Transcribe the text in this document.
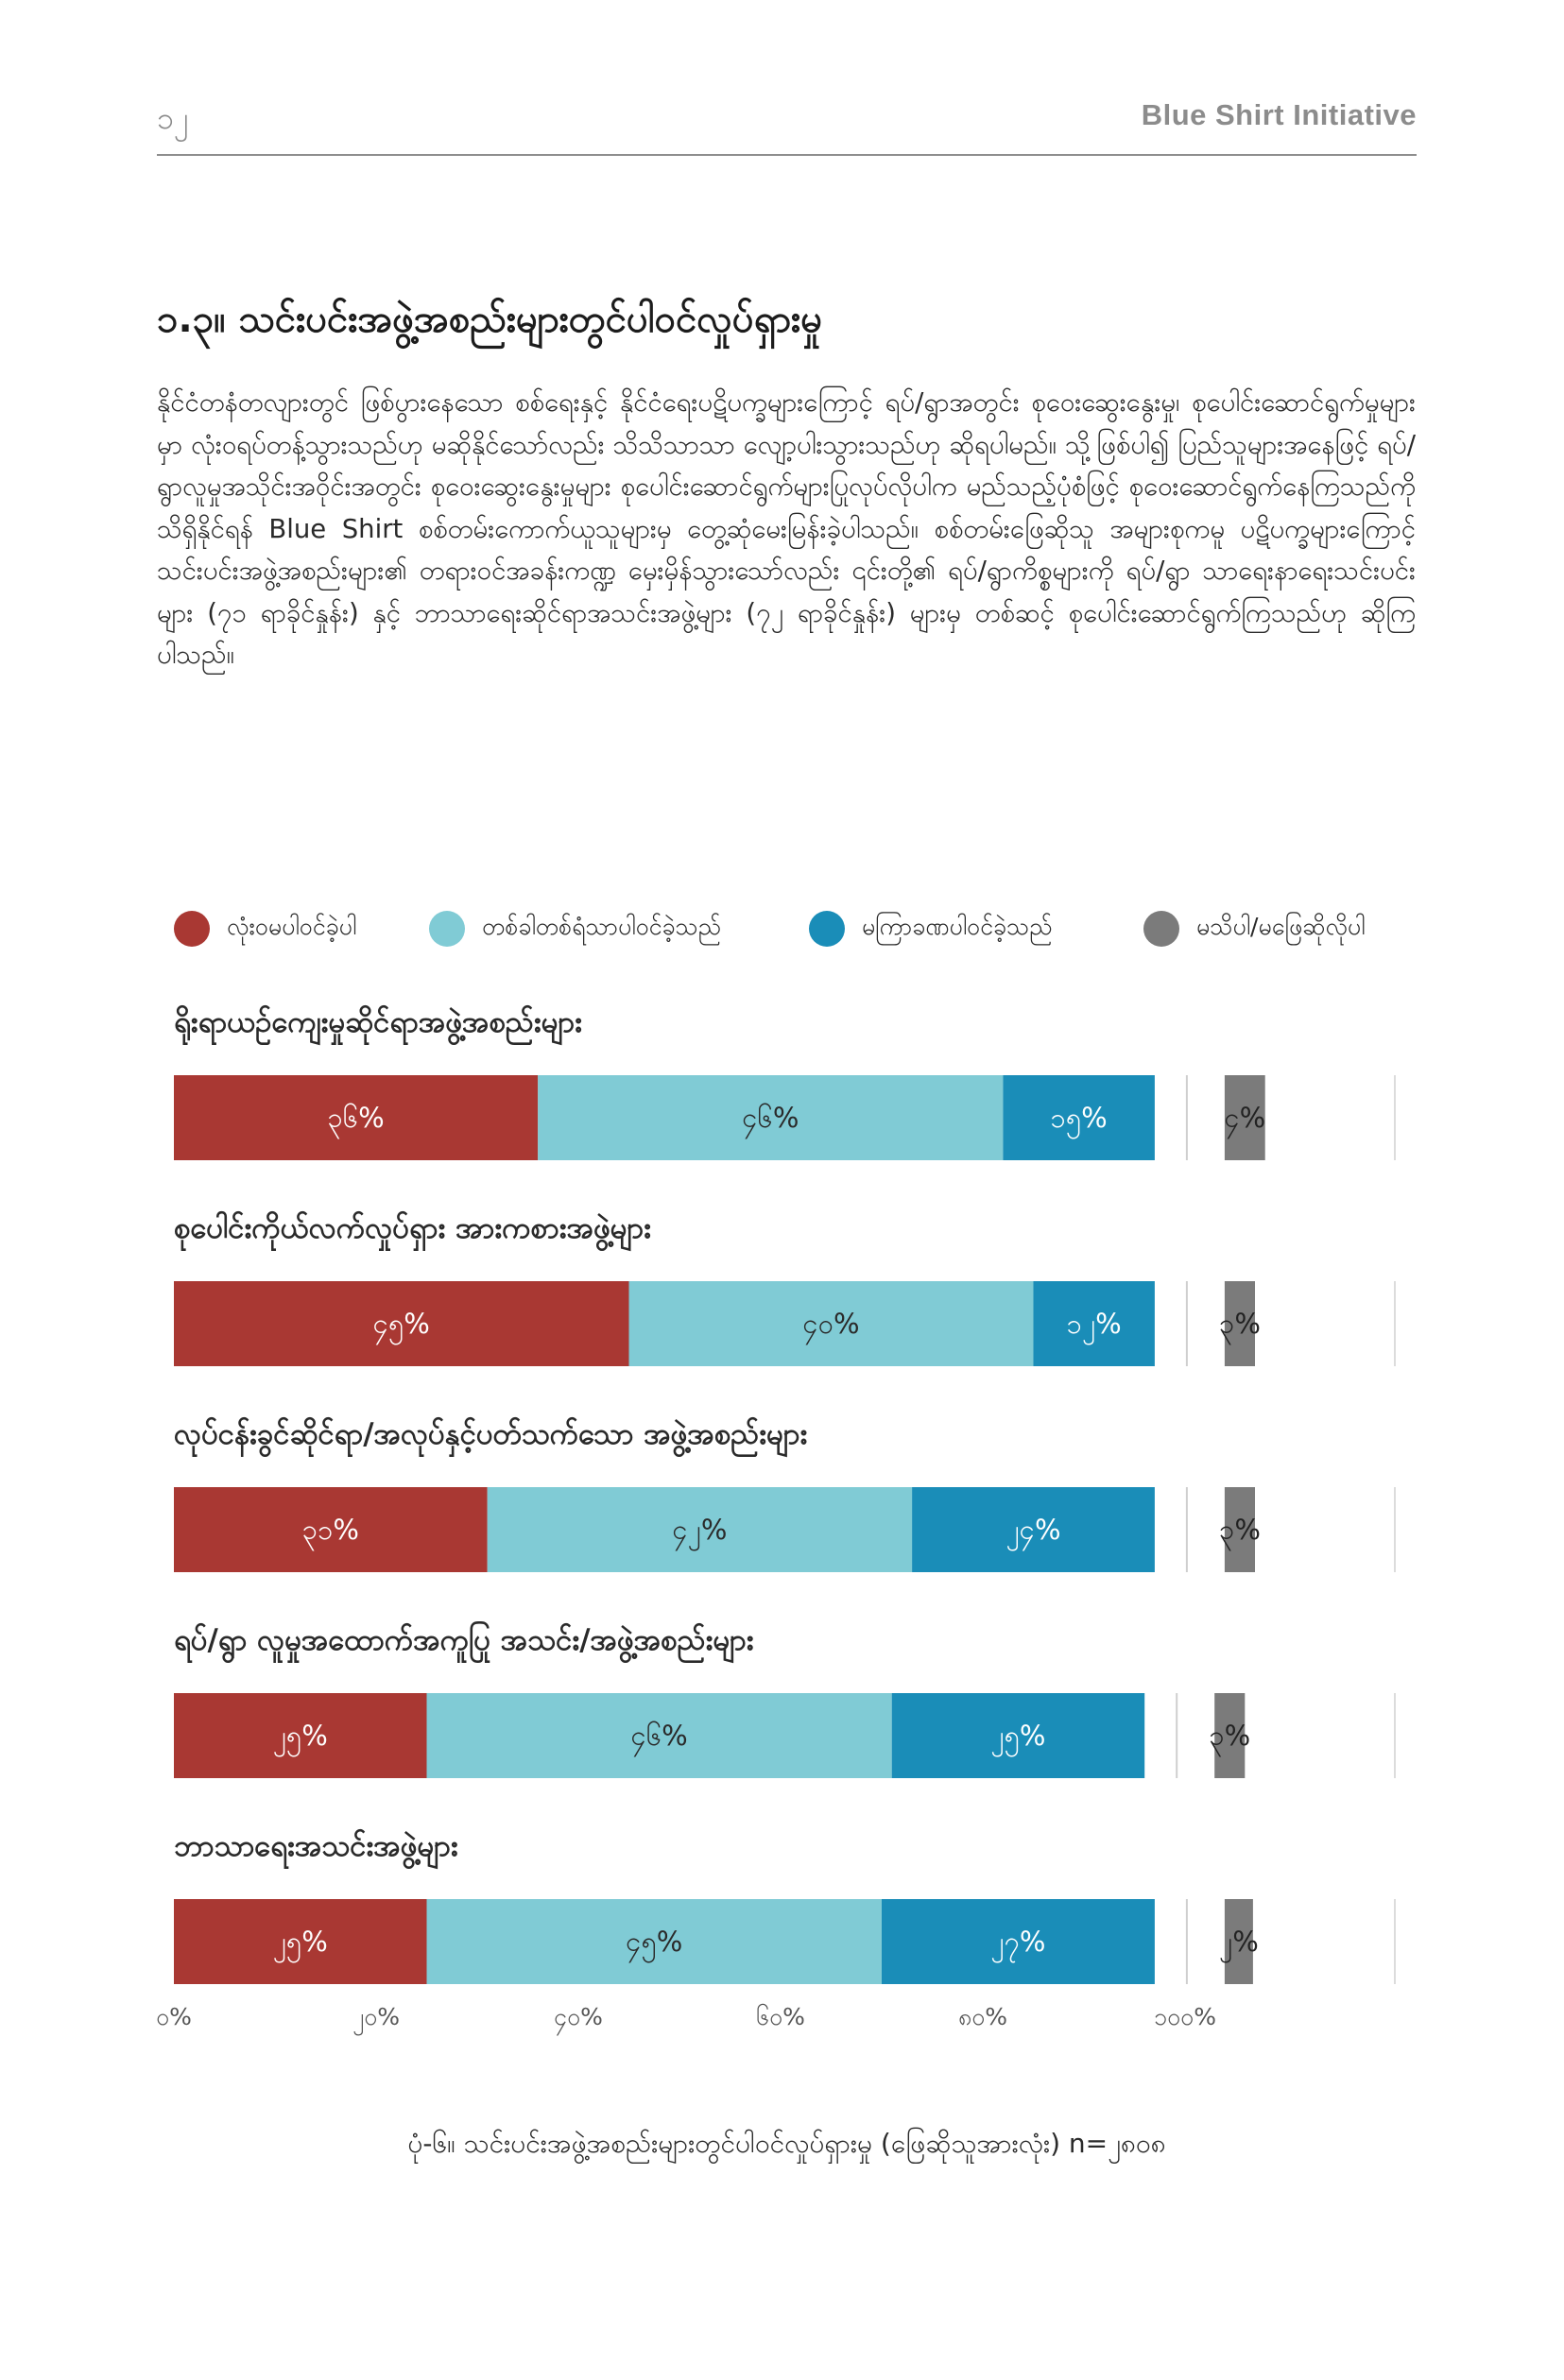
၁၂	Blue Shirt Initiative
၁.၃။ သင်းပင်းအဖွဲ့အစည်းများတွင်ပါဝင်လှုပ်ရှားမှု
နိုင်ငံတနံတလျားတွင် ဖြစ်ပွားနေသော စစ်ရေးနှင့် နိုင်ငံရေးပဋိပက္ခများကြောင့် ရပ်/ရွာအတွင်း စုဝေးဆွေးနွေးမှု၊ စုပေါင်းဆောင်ရွက်မှုများမှာ လုံးဝရပ်တန့်သွားသည်ဟု မဆိုနိုင်သော်လည်း သိသိသာသာ လျော့ပါးသွားသည်ဟု ဆိုရပါမည်။ သို့ဖြစ်ပါ၍ ပြည်သူများအနေဖြင့် ရပ်/ရွာလူမှုအသိုင်းအဝိုင်းအတွင်း စုဝေးဆွေးနွေးမှုများ စုပေါင်းဆောင်ရွက်များပြုလုပ်လိုပါက မည်သည့်ပုံစံဖြင့် စုဝေးဆောင်ရွက်နေကြသည်ကို သိရှိနိုင်ရန် Blue Shirt စစ်တမ်းကောက်ယူသူများမှ တွေ့ဆုံမေးမြန်းခဲ့ပါသည်။ စစ်တမ်းဖြေဆိုသူ အများစုကမူ ပဋိပက္ခများကြောင့် သင်းပင်းအဖွဲ့အစည်းများ၏ တရားဝင်အခန်းကဏ္ဍ မှေးမှိန်သွားသော်လည်း ၎င်းတို့၏ ရပ်/ရွာကိစ္စများကို ရပ်/ရွာ သာရေးနာရေးသင်းပင်းများ (၇၁ ရာခိုင်နှုန်း) နှင့် ဘာသာရေးဆိုင်ရာအသင်းအဖွဲ့များ (၇၂ ရာခိုင်နှုန်း) များမှ တစ်ဆင့် စုပေါင်းဆောင်ရွက်ကြသည်ဟု ဆိုကြပါသည်။
လုံးဝမပါဝင်ခဲ့ပါ	တစ်ခါတစ်ရံသာပါဝင်ခဲ့သည်	မကြာခဏပါဝင်ခဲ့သည်	မသိပါ/မဖြေဆိုလိုပါ
ရိုးရာယဉ်ကျေးမှုဆိုင်ရာအဖွဲ့အစည်းများ
စုပေါင်းကိုယ်လက်လှုပ်ရှား အားကစားအဖွဲ့များ
လုပ်ငန်းခွင်ဆိုင်ရာ/အလုပ်နှင့်ပတ်သက်သော အဖွဲ့အစည်းများ
ရပ်/ရွာ လူမှုအထောက်အကူပြု အသင်း/အဖွဲ့အစည်းများ
ဘာသာရေးအသင်းအဖွဲ့များ
၃၆%	၄၆%	၁၅%	၄%
၄၅%	၄၀%	၁၂%	၃%
၃၁%	၄၂%	၂၄%	၃%
၂၅%	၄၆%	၂၅%	၃%
၂၅%	၄၅%	၂၇%	၂%
၀%	၂၀%	၄၀%	၆၀%	၈၀%	၁၀၀%
ပုံ-၆။ သင်းပင်းအဖွဲ့အစည်းများတွင်ပါဝင်လှုပ်ရှားမှု (ဖြေဆိုသူအားလုံး) n=၂၈၀၈
